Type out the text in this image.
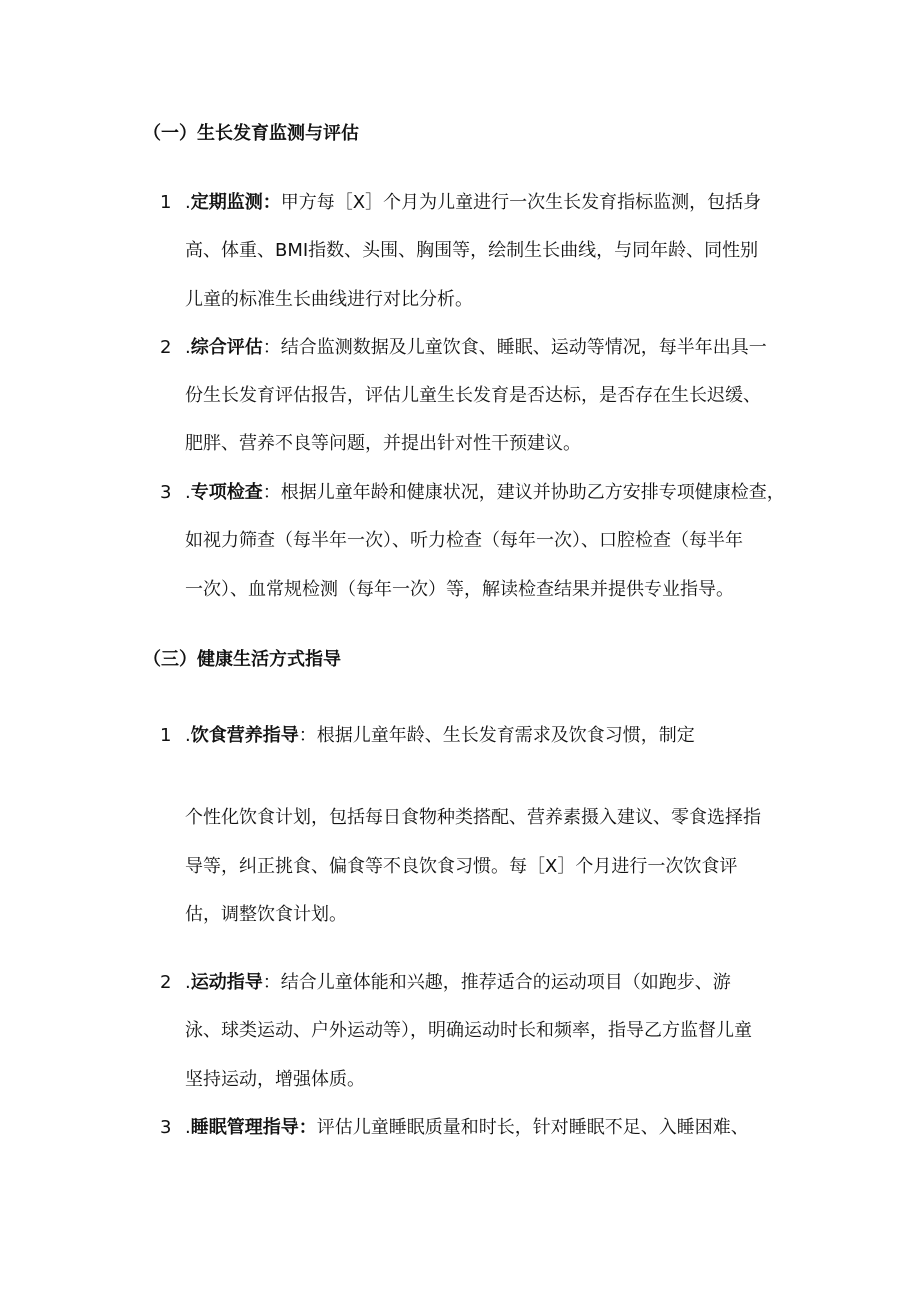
（一）生长发育监测与评估
1	. 定期监测：甲方每［X］个月为儿童进行一次生长发育指标监测，包括身
高、体重、BMI指数、头围、胸围等，绘制生长曲线，与同年龄、同性别
儿童的标准生长曲线进行对比分析。
2	. 综合评估：结合监测数据及儿童饮食、睡眠、运动等情况，每半年出具一
份生长发育评估报告，评估儿童生长发育是否达标，是否存在生长迟缓、
肥胖、营养不良等问题，并提出针对性干预建议。
3	. 专项检查：根据儿童年龄和健康状况，建议并协助乙方安排专项健康检查，
如视力筛查（每半年一次）、听力检查（每年一次）、口腔检查（每半年
一次）、血常规检测（每年一次）等，解读检查结果并提供专业指导。
（三）健康生活方式指导
1	. 饮食营养指导：根据儿童年龄、生长发育需求及饮食习惯，制定
个性化饮食计划，包括每日食物种类搭配、营养素摄入建议、零食选择指
导等，纠正挑食、偏食等不良饮食习惯。每［X］个月进行一次饮食评
估，调整饮食计划。
2	. 运动指导：结合儿童体能和兴趣，推荐适合的运动项目（如跑步、游
泳、球类运动、户外运动等），明确运动时长和频率，指导乙方监督儿童
坚持运动，增强体质。
3	. 睡眠管理指导：评估儿童睡眠质量和时长，针对睡眠不足、入睡困难、
